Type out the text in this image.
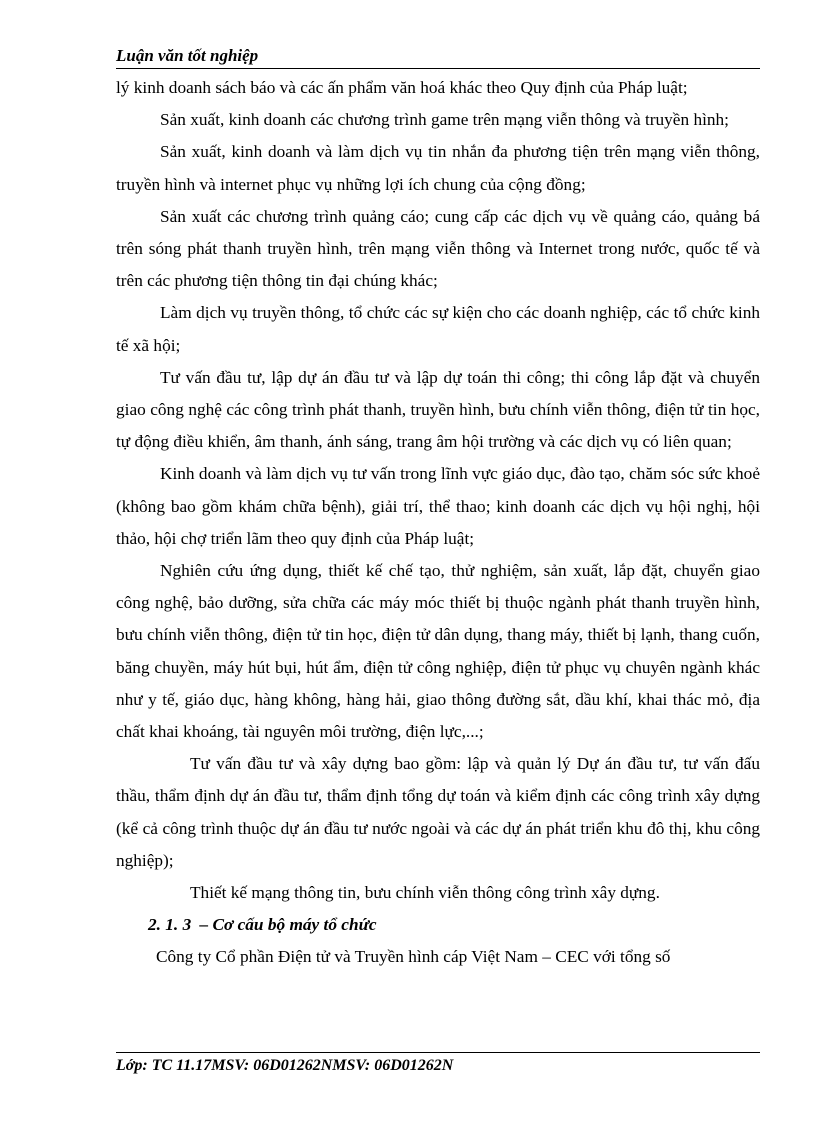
Luận văn tốt nghiệp

lý kinh doanh sách báo và các ấn phẩm văn hoá khác theo Quy định của Pháp luật;

Sản xuất, kinh doanh các chương trình game trên mạng viễn thông và truyền hình;

Sản xuất, kinh doanh và làm dịch vụ tin nhắn đa phương tiện trên mạng viễn thông, truyền hình và internet phục vụ những lợi ích chung của cộng đồng;

Sản xuất các chương trình quảng cáo; cung cấp các dịch vụ về quảng cáo, quảng bá trên sóng phát thanh truyền hình, trên mạng viễn thông và Internet trong nước, quốc tế và trên các phương tiện thông tin đại chúng khác;

Làm dịch vụ truyền thông, tổ chức các sự kiện cho các doanh nghiệp, các tổ chức kinh tế xã hội;

Tư vấn đầu tư, lập dự án đầu tư và lập dự toán thi công; thi công lắp đặt và chuyển giao công nghệ các công trình phát thanh, truyền hình, bưu chính viễn thông, điện tử tin học, tự động điều khiển, âm thanh, ánh sáng, trang âm hội trường và các dịch vụ có liên quan;

Kinh doanh và làm dịch vụ tư vấn trong lĩnh vực giáo dục, đào tạo, chăm sóc sức khoẻ (không bao gồm khám chữa bệnh), giải trí, thể thao; kinh doanh các dịch vụ hội nghị, hội thảo, hội chợ triển lãm theo quy định của Pháp luật;

Nghiên cứu ứng dụng, thiết kế chế tạo, thử nghiệm, sản xuất, lắp đặt, chuyển giao công nghệ, bảo dưỡng, sửa chữa các máy móc thiết bị thuộc ngành phát thanh truyền hình, bưu chính viễn thông, điện tử tin học, điện tử dân dụng, thang máy, thiết bị lạnh, thang cuốn, băng chuyền, máy hút bụi, hút ẩm, điện tử công nghiệp, điện tử phục vụ chuyên ngành khác như y tế, giáo dục, hàng không, hàng hải, giao thông đường sắt, dầu khí, khai thác mỏ, địa chất khai khoáng, tài nguyên môi trường, điện lực,...;

Tư vấn đầu tư và xây dựng bao gồm: lập và quản lý Dự án đầu tư, tư vấn đấu thầu, thẩm định dự án đầu tư, thẩm định tổng dự toán và kiểm định các công trình xây dựng (kể cả công trình thuộc dự án đầu tư nước ngoài và các dự án phát triển khu đô thị, khu công nghiệp);

Thiết kế mạng thông tin, bưu chính viễn thông công trình xây dựng.

2. 1. 3 – Cơ cấu bộ máy tổ chức

Công ty Cổ phần Điện tử và Truyền hình cáp Việt Nam – CEC với tổng số

Lớp: TC 11.17MSV: 06D01262NMSV: 06D01262N
